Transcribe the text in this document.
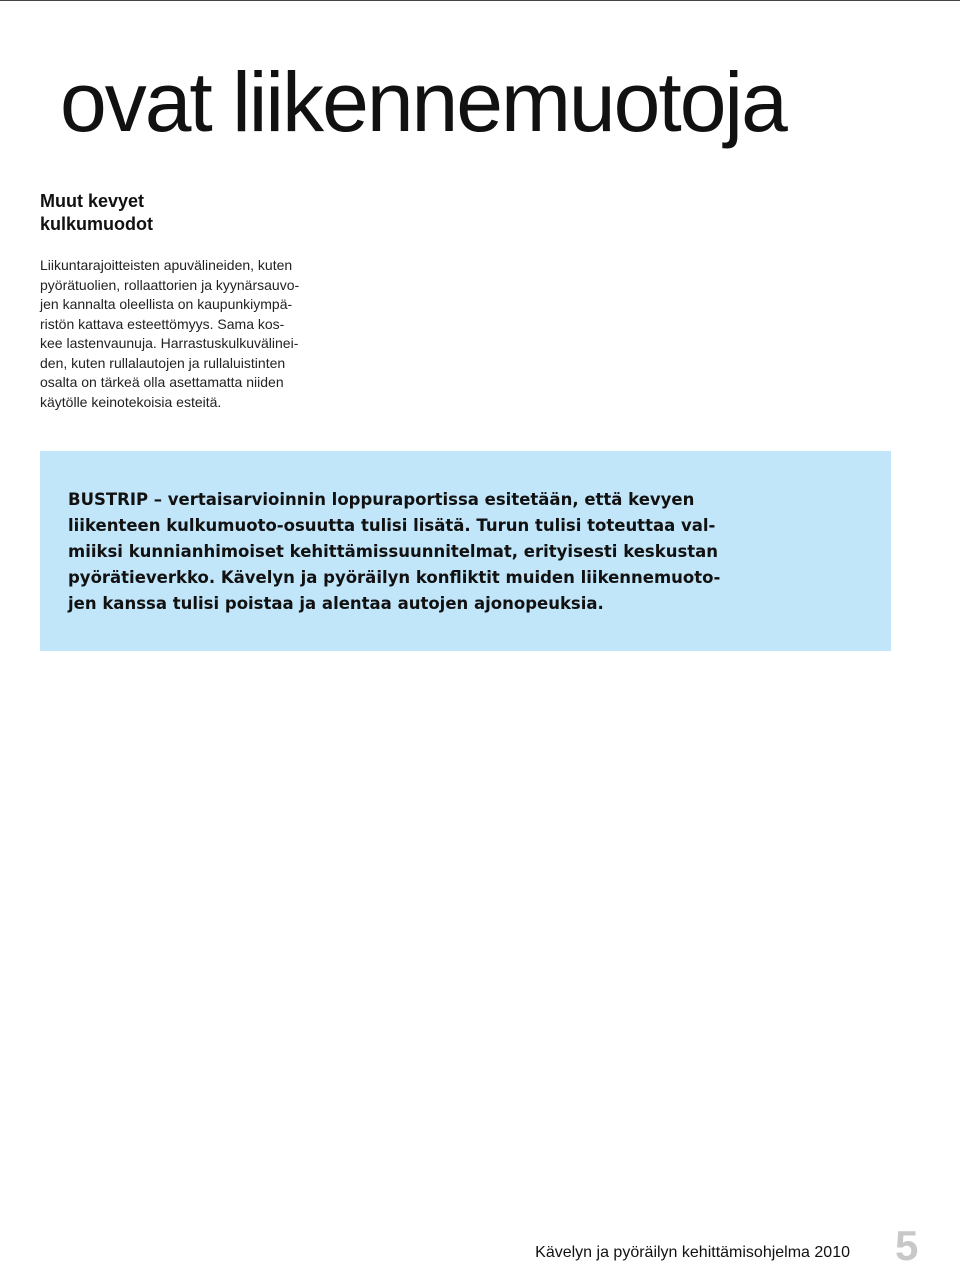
ovat liikennemuotoja
Muut kevyet
kulkumuodot

Liikuntarajoitteisten apuvälineiden, kuten
pyörätuolien, rollaattorien ja kyynärsauvo-
jen kannalta oleellista on kaupunkiympä-
ristön kattava esteettömyys. Sama kos-
kee lastenvaunuja. Harrastuskulkuvälinei-
den, kuten rullalautojen ja rullaluistinten
osalta on tärkeä olla asettamatta niiden
käytölle keinotekoisia esteitä.

BUSTRIP – vertaisarvioinnin loppuraportissa esitetään, että kevyen
liikenteen kulkumuoto-osuutta tulisi lisätä. Turun tulisi toteuttaa val-
miiksi kunnianhimoiset kehittämissuunnitelmat, erityisesti keskustan
pyörätieverkko. Kävelyn ja pyöräilyn konfliktit muiden liikennemuoto-
jen kanssa tulisi poistaa ja alentaa autojen ajonopeuksia.

Kävelyn ja pyöräilyn kehittämisohjelma 2010 5
